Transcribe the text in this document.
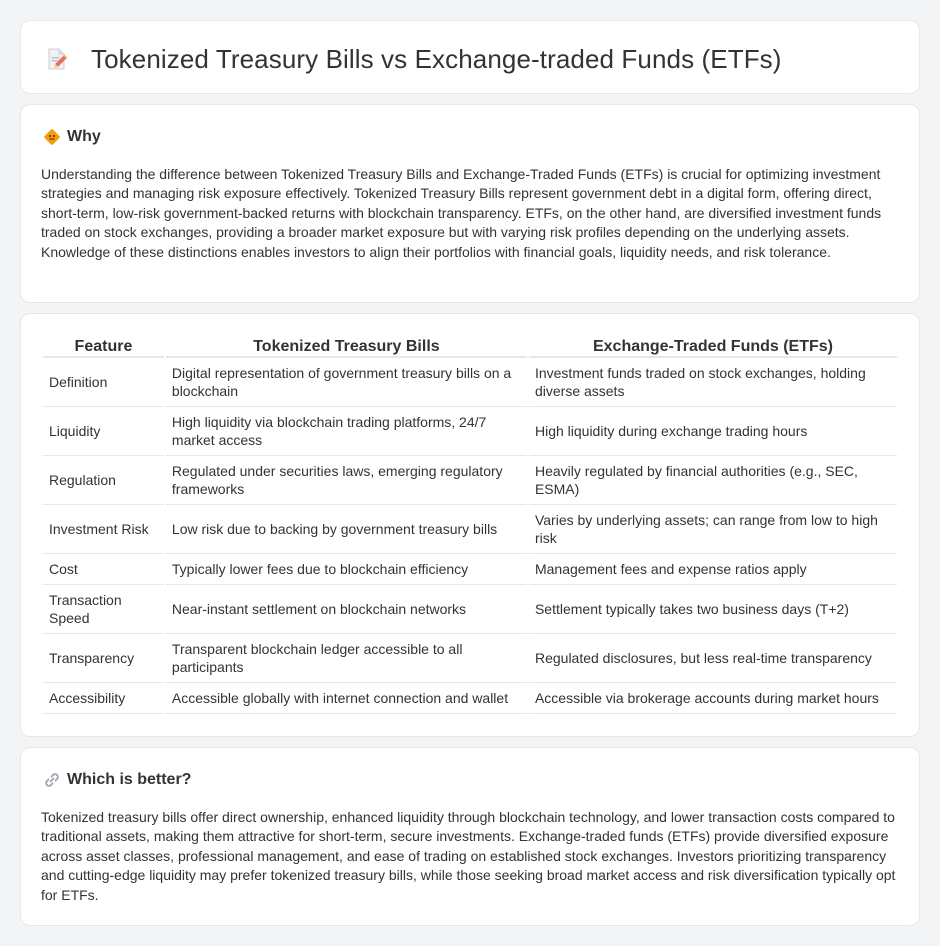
Tokenized Treasury Bills vs Exchange-traded Funds (ETFs)
Why

Understanding the difference between Tokenized Treasury Bills and Exchange-Traded Funds (ETFs) is crucial for optimizing investment strategies and managing risk exposure effectively. Tokenized Treasury Bills represent government debt in a digital form, offering direct, short-term, low-risk government-backed returns with blockchain transparency. ETFs, on the other hand, are diversified investment funds traded on stock exchanges, providing a broader market exposure but with varying risk profiles depending on the underlying assets. Knowledge of these distinctions enables investors to align their portfolios with financial goals, liquidity needs, and risk tolerance.

Feature	Tokenized Treasury Bills	Exchange-Traded Funds (ETFs)
Definition	Digital representation of government treasury bills on a blockchain	Investment funds traded on stock exchanges, holding diverse assets
Liquidity	High liquidity via blockchain trading platforms, 24/7 market access	High liquidity during exchange trading hours
Regulation	Regulated under securities laws, emerging regulatory frameworks	Heavily regulated by financial authorities (e.g., SEC, ESMA)
Investment Risk	Low risk due to backing by government treasury bills	Varies by underlying assets; can range from low to high risk
Cost	Typically lower fees due to blockchain efficiency	Management fees and expense ratios apply
Transaction Speed	Near-instant settlement on blockchain networks	Settlement typically takes two business days (T+2)
Transparency	Transparent blockchain ledger accessible to all participants	Regulated disclosures, but less real-time transparency
Accessibility	Accessible globally with internet connection and wallet	Accessible via brokerage accounts during market hours
Which is better?

Tokenized treasury bills offer direct ownership, enhanced liquidity through blockchain technology, and lower transaction costs compared to traditional assets, making them attractive for short-term, secure investments. Exchange-traded funds (ETFs) provide diversified exposure across asset classes, professional management, and ease of trading on established stock exchanges. Investors prioritizing transparency and cutting-edge liquidity may prefer tokenized treasury bills, while those seeking broad market access and risk diversification typically opt for ETFs.
